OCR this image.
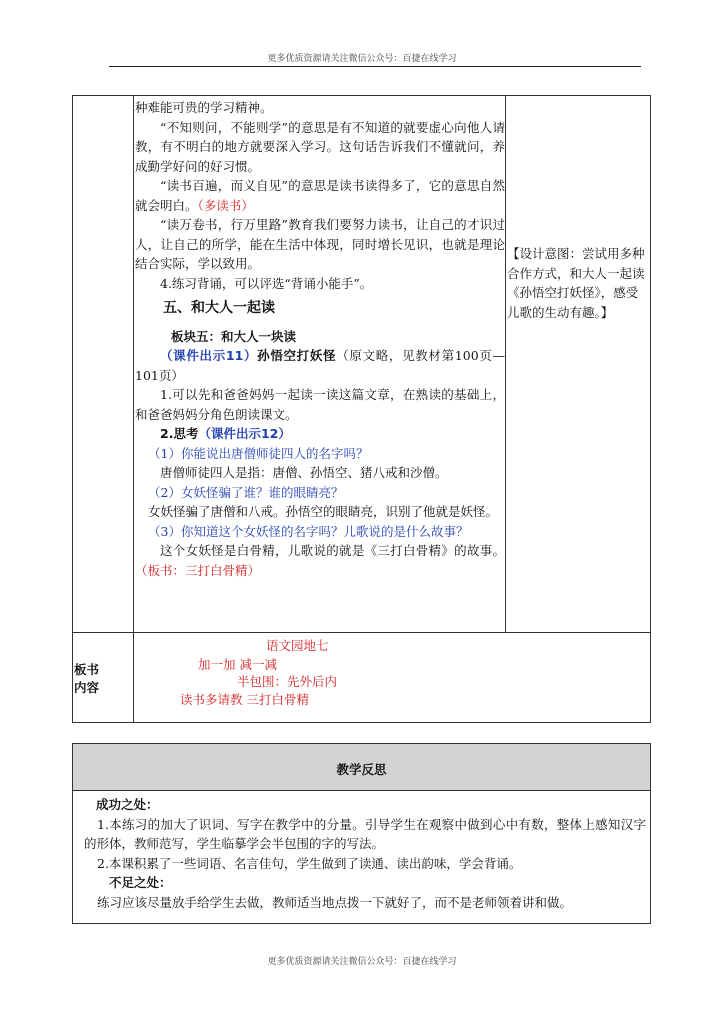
更多优质资源请关注微信公众号：百捷在线学习

种难能可贵的学习精神。

“不知则问，不能则学”的意思是有不知道的就要虚心向他人请教，有不明白的地方就要深入学习。这句话告诉我们不懂就问，养成勤学好问的好习惯。

“读书百遍，而义自见”的意思是读书读得多了，它的意思自然就会明白。（多读书）

“读万卷书，行万里路”教育我们要努力读书，让自己的才识过人，让自己的所学，能在生活中体现，同时增长见识，也就是理论结合实际，学以致用。

4.练习背诵，可以评选“背诵小能手”。

五、和大人一起读

板块五：和大人一块读

（课件出示11）孙悟空打妖怪（原文略，见教材第100页—101页）

1.可以先和爸爸妈妈一起读一读这篇文章，在熟读的基础上，和爸爸妈妈分角色朗读课文。

2.思考（课件出示12）

（1）你能说出唐僧师徒四人的名字吗？

唐僧师徒四人是指：唐僧、孙悟空、猪八戒和沙僧。

（2）女妖怪骗了谁？谁的眼睛亮？

女妖怪骗了唐僧和八戒。孙悟空的眼睛亮，识别了他就是妖怪。

（3）你知道这个女妖怪的名字吗？儿歌说的是什么故事？

这个女妖怪是白骨精，儿歌说的就是《三打白骨精》的故事。（板书：三打白骨精）

【设计意图：尝试用多种合作方式，和大人一起读《孙悟空打妖怪》，感受儿歌的生动有趣。】
板书
内容
语文园地七
加一加 减一减
半包围：先外后内
读书多请教 三打白骨精
教学反思

成功之处：

1.本练习的加大了识词、写字在教学中的分量。引导学生在观察中做到心中有数，整体上感知汉字的形体，教师范写，学生临摹学会半包围的字的写法。

2.本课积累了一些词语、名言佳句，学生做到了读通、读出韵味，学会背诵。

不足之处：

练习应该尽量放手给学生去做，教师适当地点拨一下就好了，而不是老师领着讲和做。

更多优质资源请关注微信公众号：百捷在线学习
